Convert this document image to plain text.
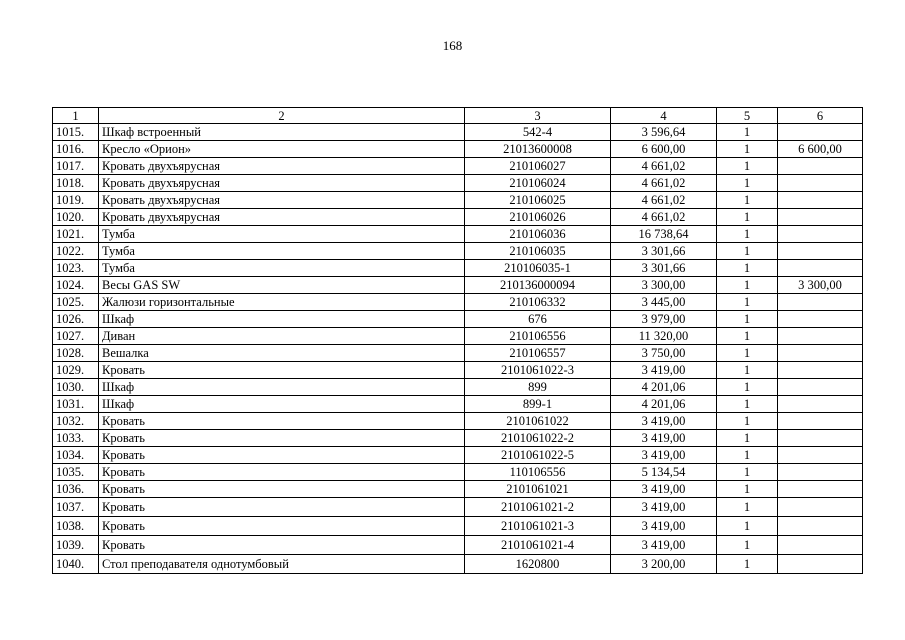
168
1	2	3	4	5	6
1015.	Шкаф встроенный	542-4	3 596,64	1	
1016.	Кресло «Орион»	21013600008	6 600,00	1	6 600,00
1017.	Кровать двухъярусная	210106027	4 661,02	1	
1018.	Кровать двухъярусная	210106024	4 661,02	1	
1019.	Кровать двухъярусная	210106025	4 661,02	1	
1020.	Кровать двухъярусная	210106026	4 661,02	1	
1021.	Тумба	210106036	16 738,64	1	
1022.	Тумба	210106035	3 301,66	1	
1023.	Тумба	210106035-1	3 301,66	1	
1024.	Весы GAS SW	210136000094	3 300,00	1	3 300,00
1025.	Жалюзи горизонтальные	210106332	3 445,00	1	
1026.	Шкаф	676	3 979,00	1	
1027.	Диван	210106556	11 320,00	1	
1028.	Вешалка	210106557	3 750,00	1	
1029.	Кровать	2101061022-3	3 419,00	1	
1030.	Шкаф	899	4 201,06	1	
1031.	Шкаф	899-1	4 201,06	1	
1032.	Кровать	2101061022	3 419,00	1	
1033.	Кровать	2101061022-2	3 419,00	1	
1034.	Кровать	2101061022-5	3 419,00	1	
1035.	Кровать	110106556	5 134,54	1	
1036.	Кровать	2101061021	3 419,00	1	
1037.	Кровать	2101061021-2	3 419,00	1	
1038.	Кровать	2101061021-3	3 419,00	1	
1039.	Кровать	2101061021-4	3 419,00	1	
1040.	Стол преподавателя однотумбовый	1620800	3 200,00	1	
